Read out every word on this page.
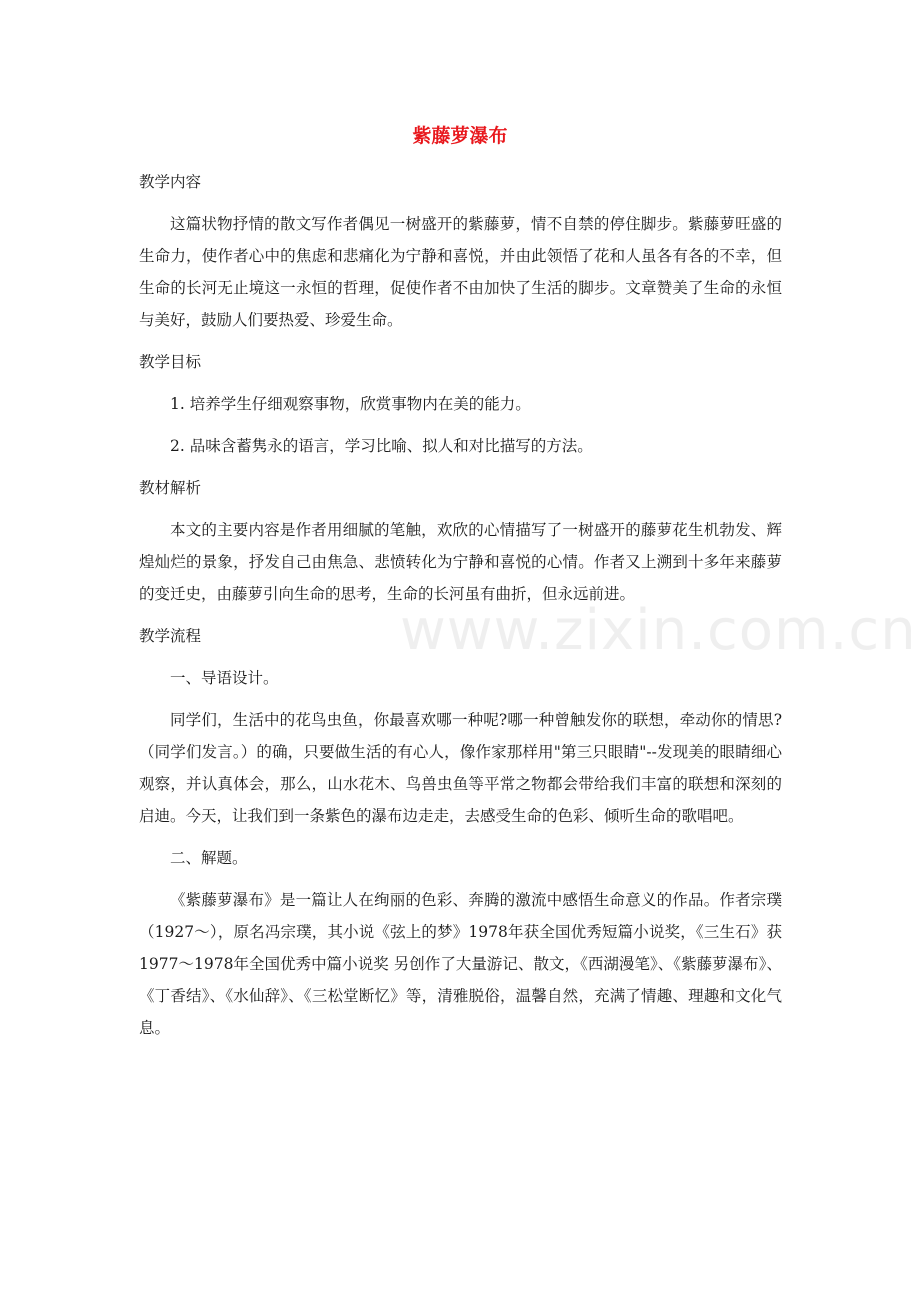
紫藤萝瀑布
教学内容
这篇状物抒情的散文写作者偶见一树盛开的紫藤萝，情不自禁的停住脚步。紫藤萝旺盛的生命力，使作者心中的焦虑和悲痛化为宁静和喜悦，并由此领悟了花和人虽各有各的不幸，但生命的长河无止境这一永恒的哲理，促使作者不由加快了生活的脚步。文章赞美了生命的永恒与美好，鼓励人们要热爱、珍爱生命。
教学目标
1. 培养学生仔细观察事物，欣赏事物内在美的能力。
2. 品味含蓄隽永的语言，学习比喻、拟人和对比描写的方法。
教材解析
本文的主要内容是作者用细腻的笔触，欢欣的心情描写了一树盛开的藤萝花生机勃发、辉煌灿烂的景象，抒发自己由焦急、悲愤转化为宁静和喜悦的心情。作者又上溯到十多年来藤萝的变迁史，由藤萝引向生命的思考，生命的长河虽有曲折，但永远前进。
教学流程
一、导语设计。
同学们，生活中的花鸟虫鱼，你最喜欢哪一种呢?哪一种曾触发你的联想，牵动你的情思?（同学们发言。）的确，只要做生活的有心人，像作家那样用"第三只眼睛"--发现美的眼睛细心观察，并认真体会，那么，山水花木、鸟兽虫鱼等平常之物都会带给我们丰富的联想和深刻的启迪。今天，让我们到一条紫色的瀑布边走走，去感受生命的色彩、倾听生命的歌唱吧。
二、解题。
《紫藤萝瀑布》是一篇让人在绚丽的色彩、奔腾的激流中感悟生命意义的作品。作者宗璞（1927～），原名冯宗璞，其小说《弦上的梦》1978年获全国优秀短篇小说奖，《三生石》获1977～1978年全国优秀中篇小说奖 另创作了大量游记、散文，《西湖漫笔》、《紫藤萝瀑布》、《丁香结》、《水仙辞》、《三松堂断忆》等，清雅脱俗，温馨自然，充满了情趣、理趣和文化气息。
www.zixin.com.cn
